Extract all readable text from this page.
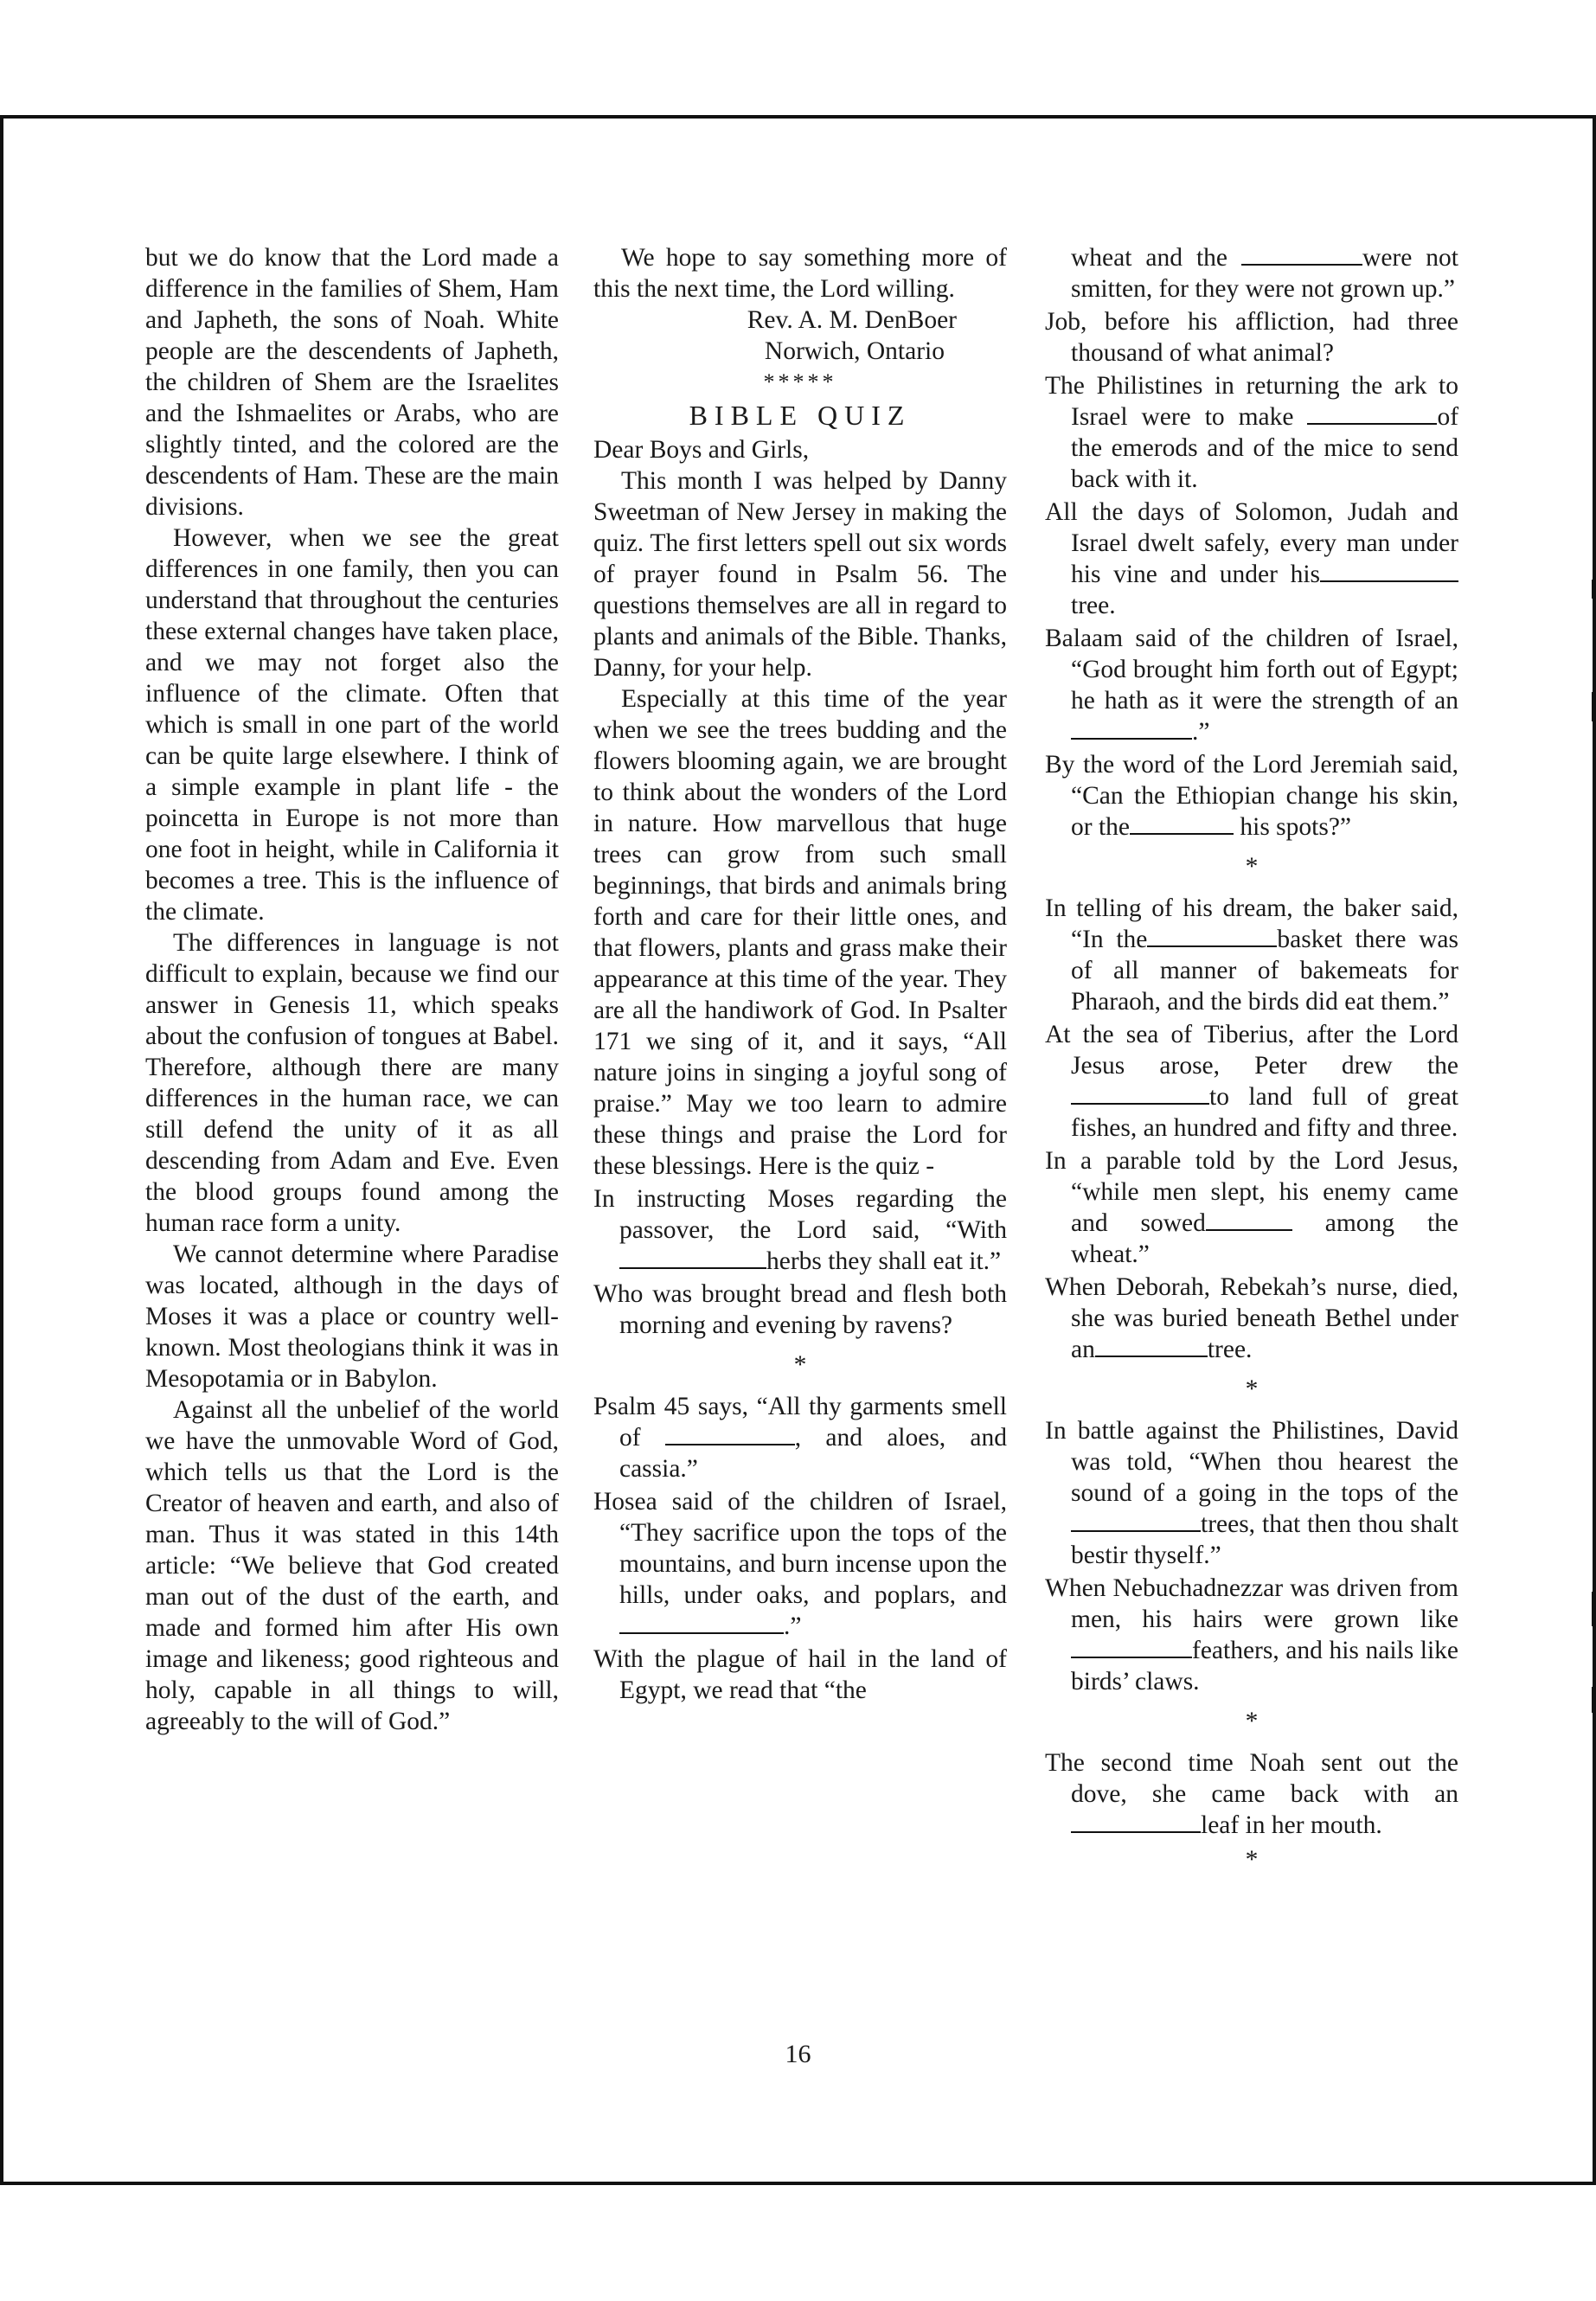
but we do know that the Lord made a difference in the families of Shem, Ham and Japheth, the sons of Noah. White people are the descendents of Japheth, the children of Shem are the Israelites and the Ishmaelites or Arabs, who are slightly tinted, and the colored are the descendents of Ham. These are the main divisions.

However, when we see the great differences in one family, then you can understand that throughout the centuries these external changes have taken place, and we may not forget also the influence of the climate. Often that which is small in one part of the world can be quite large elsewhere. I think of a simple example in plant life - the poincetta in Europe is not more than one foot in height, while in California it becomes a tree. This is the influence of the climate.

The differences in language is not difficult to explain, because we find our answer in Genesis 11, which speaks about the confusion of tongues at Babel. Therefore, although there are many differences in the human race, we can still defend the unity of it as all descending from Adam and Eve. Even the blood groups found among the human race form a unity.

We cannot determine where Paradise was located, although in the days of Moses it was a place or country well-known. Most theologians think it was in Mesopotamia or in Babylon.

Against all the unbelief of the world we have the unmovable Word of God, which tells us that the Lord is the Creator of heaven and earth, and also of man. Thus it was stated in this 14th article: “We believe that God created man out of the dust of the earth, and made and formed him after His own image and likeness; good righteous and holy, capable in all things to will, agreeably to the will of God.”

We hope to say something more of this the next time, the Lord willing.

Rev. A. M. DenBoer

Norwich, Ontario

*****
BIBLE QUIZ

Dear Boys and Girls,

This month I was helped by Danny Sweetman of New Jersey in making the quiz. The first letters spell out six words of prayer found in Psalm 56. The questions themselves are all in regard to plants and animals of the Bible. Thanks, Danny, for your help.

Especially at this time of the year when we see the trees budding and the flowers blooming again, we are brought to think about the wonders of the Lord in nature. How marvellous that huge trees can grow from such small beginnings, that birds and animals bring forth and care for their little ones, and that flowers, plants and grass make their appearance at this time of the year. They are all the handiwork of God. In Psalter 171 we sing of it, and it says, “All nature joins in singing a joyful song of praise.” May we too learn to admire these things and praise the Lord for these blessings. Here is the quiz -

In instructing Moses regarding the passover, the Lord said, “Withherbs they shall eat it.”

Who was brought bread and flesh both morning and evening by ravens?

*

Psalm 45 says, “All thy garments smell of	, and aloes, and cassia.”

Hosea said of the children of Israel, “They sacrifice upon the tops of the mountains, and burn incense upon the hills, under oaks, and poplars, and .”

With the plague of hail in the land of Egypt, we read that “the

wheat and the	were not smitten, for they were not grown up.”

Job, before his affliction, had three thousand of what animal?

The Philistines in returning the ark to Israel were to make	of the emerods and of the mice to send back with it.

All the days of Solomon, Judah and Israel dwelt safely, every man under his vine and under histree.

Balaam said of the children of Israel, “God brought him forth out of Egypt; he hath as it were the strength of an.”

By the word of the Lord Jeremiah said, “Can the Ethiopian change his skin, or the	his spots?”

*

In telling of his dream, the baker said, “In the	basket there was of all manner of bakemeats for Pharaoh, and the birds did eat them.”

At the sea of Tiberius, after the Lord Jesus arose, Peter drew theto land full of great fishes, an hundred and fifty and three.

In a parable told by the Lord Jesus, “while men slept, his enemy came and sowed	among the wheat.”

When Deborah, Rebekah’s nurse, died, she was buried beneath Bethel under an	tree.

*

In battle against the Philistines, David was told, “When thou hearest the sound of a going in the tops of thetrees, that then thou shalt bestir thyself.”

When Nebuchadnezzar was driven from men, his hairs were grown likefeathers, and his nails like birds’ claws.

*

The second time Noah sent out the dove, she came back with anleaf in her mouth.

*
16
